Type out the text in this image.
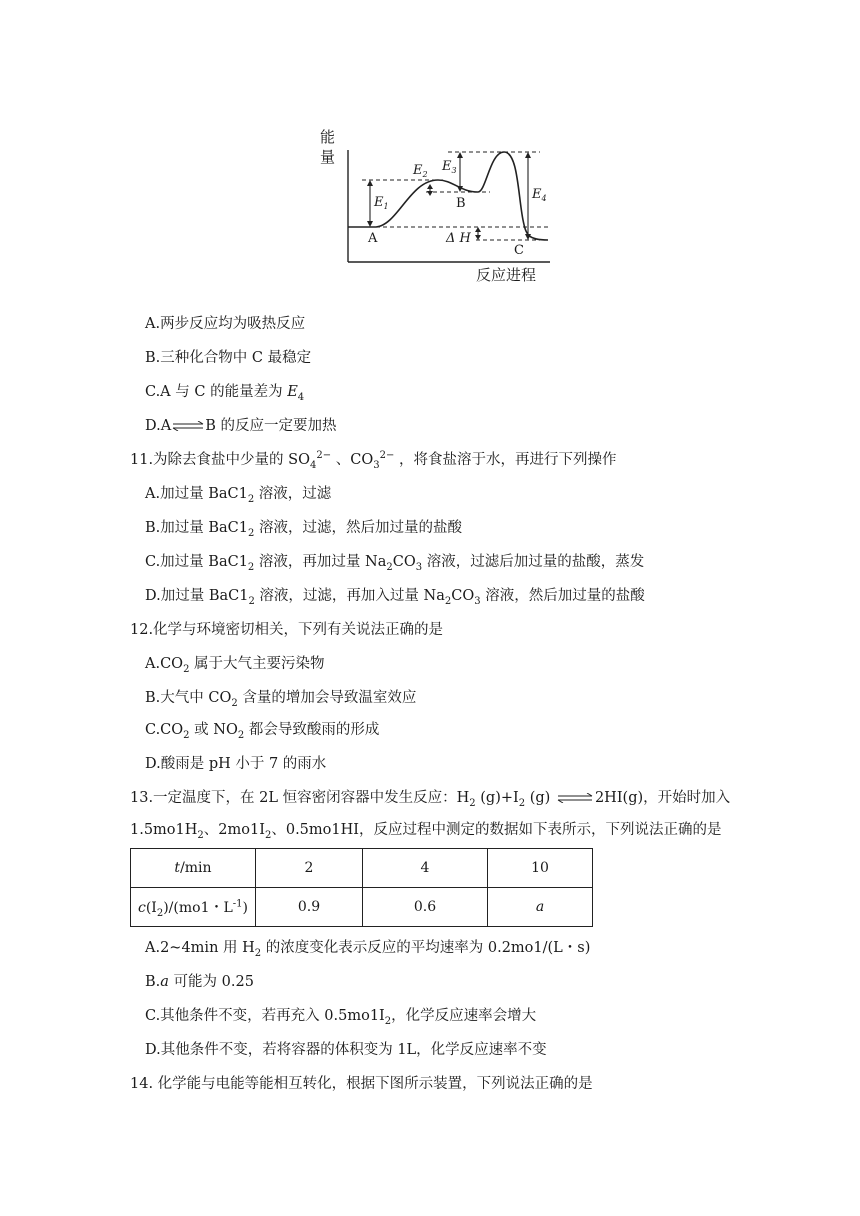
能
量
反应进程
$E_1$
$E_2$
$E_3$
$E_4$
A
B
C
Δ H
A.两步反应均为吸热反应
B.三种化合物中 C 最稳定
C.A 与 C 的能量差为 $E_4$
D.A⇌B 的反应一定要加热
11.为除去食盐中少量的 $SO_4^{2-}$ 、$CO_3^{2-}$ ，将食盐溶于水，再进行下列操作
A.加过量 $BaC1_2$ 溶液，过滤
B.加过量 $BaC1_2$ 溶液，过滤，然后加过量的盐酸
C.加过量 $BaC1_2$ 溶液，再加过量 $Na_2CO_3$ 溶液，过滤后加过量的盐酸，蒸发
D.加过量 $BaC1_2$ 溶液，过滤，再加入过量 $Na_2CO_3$ 溶液，然后加过量的盐酸
12.化学与环境密切相关，下列有关说法正确的是
$A.CO_2$ 属于大气主要污染物
B.大气中 $CO_2$ 含量的增加会导致温室效应
$C.CO_2$ 或 $NO_2$ 都会导致酸雨的形成
D.酸雨是 pH 小于 7 的雨水
13.一定温度下，在 2L 恒容密闭容器中发生反应：$H_2$ $(g)+I_2$ (g) ⇌ 2HI(g)，开始时加入
$1.5mo1H_2$、$2mo1I_2$、0.5mo1HI，反应过程中测定的数据如下表所示，下列说法正确的是
t/min	2	4	10
$c(I_2)/(mo1$・$L^{-1}$)	0.9	0.6	a
A.2~4min 用 $H_2$ 的浓度变化表示反应的平均速率为 0.2mo1/(L・s)
B.a 可能为 0.25
C.其他条件不变，若再充入 $0.5mo1I_2$，化学反应速率会增大
D.其他条件不变，若将容器的体积变为 1L，化学反应速率不变
14. 化学能与电能等能相互转化，根据下图所示装置，下列说法正确的是
